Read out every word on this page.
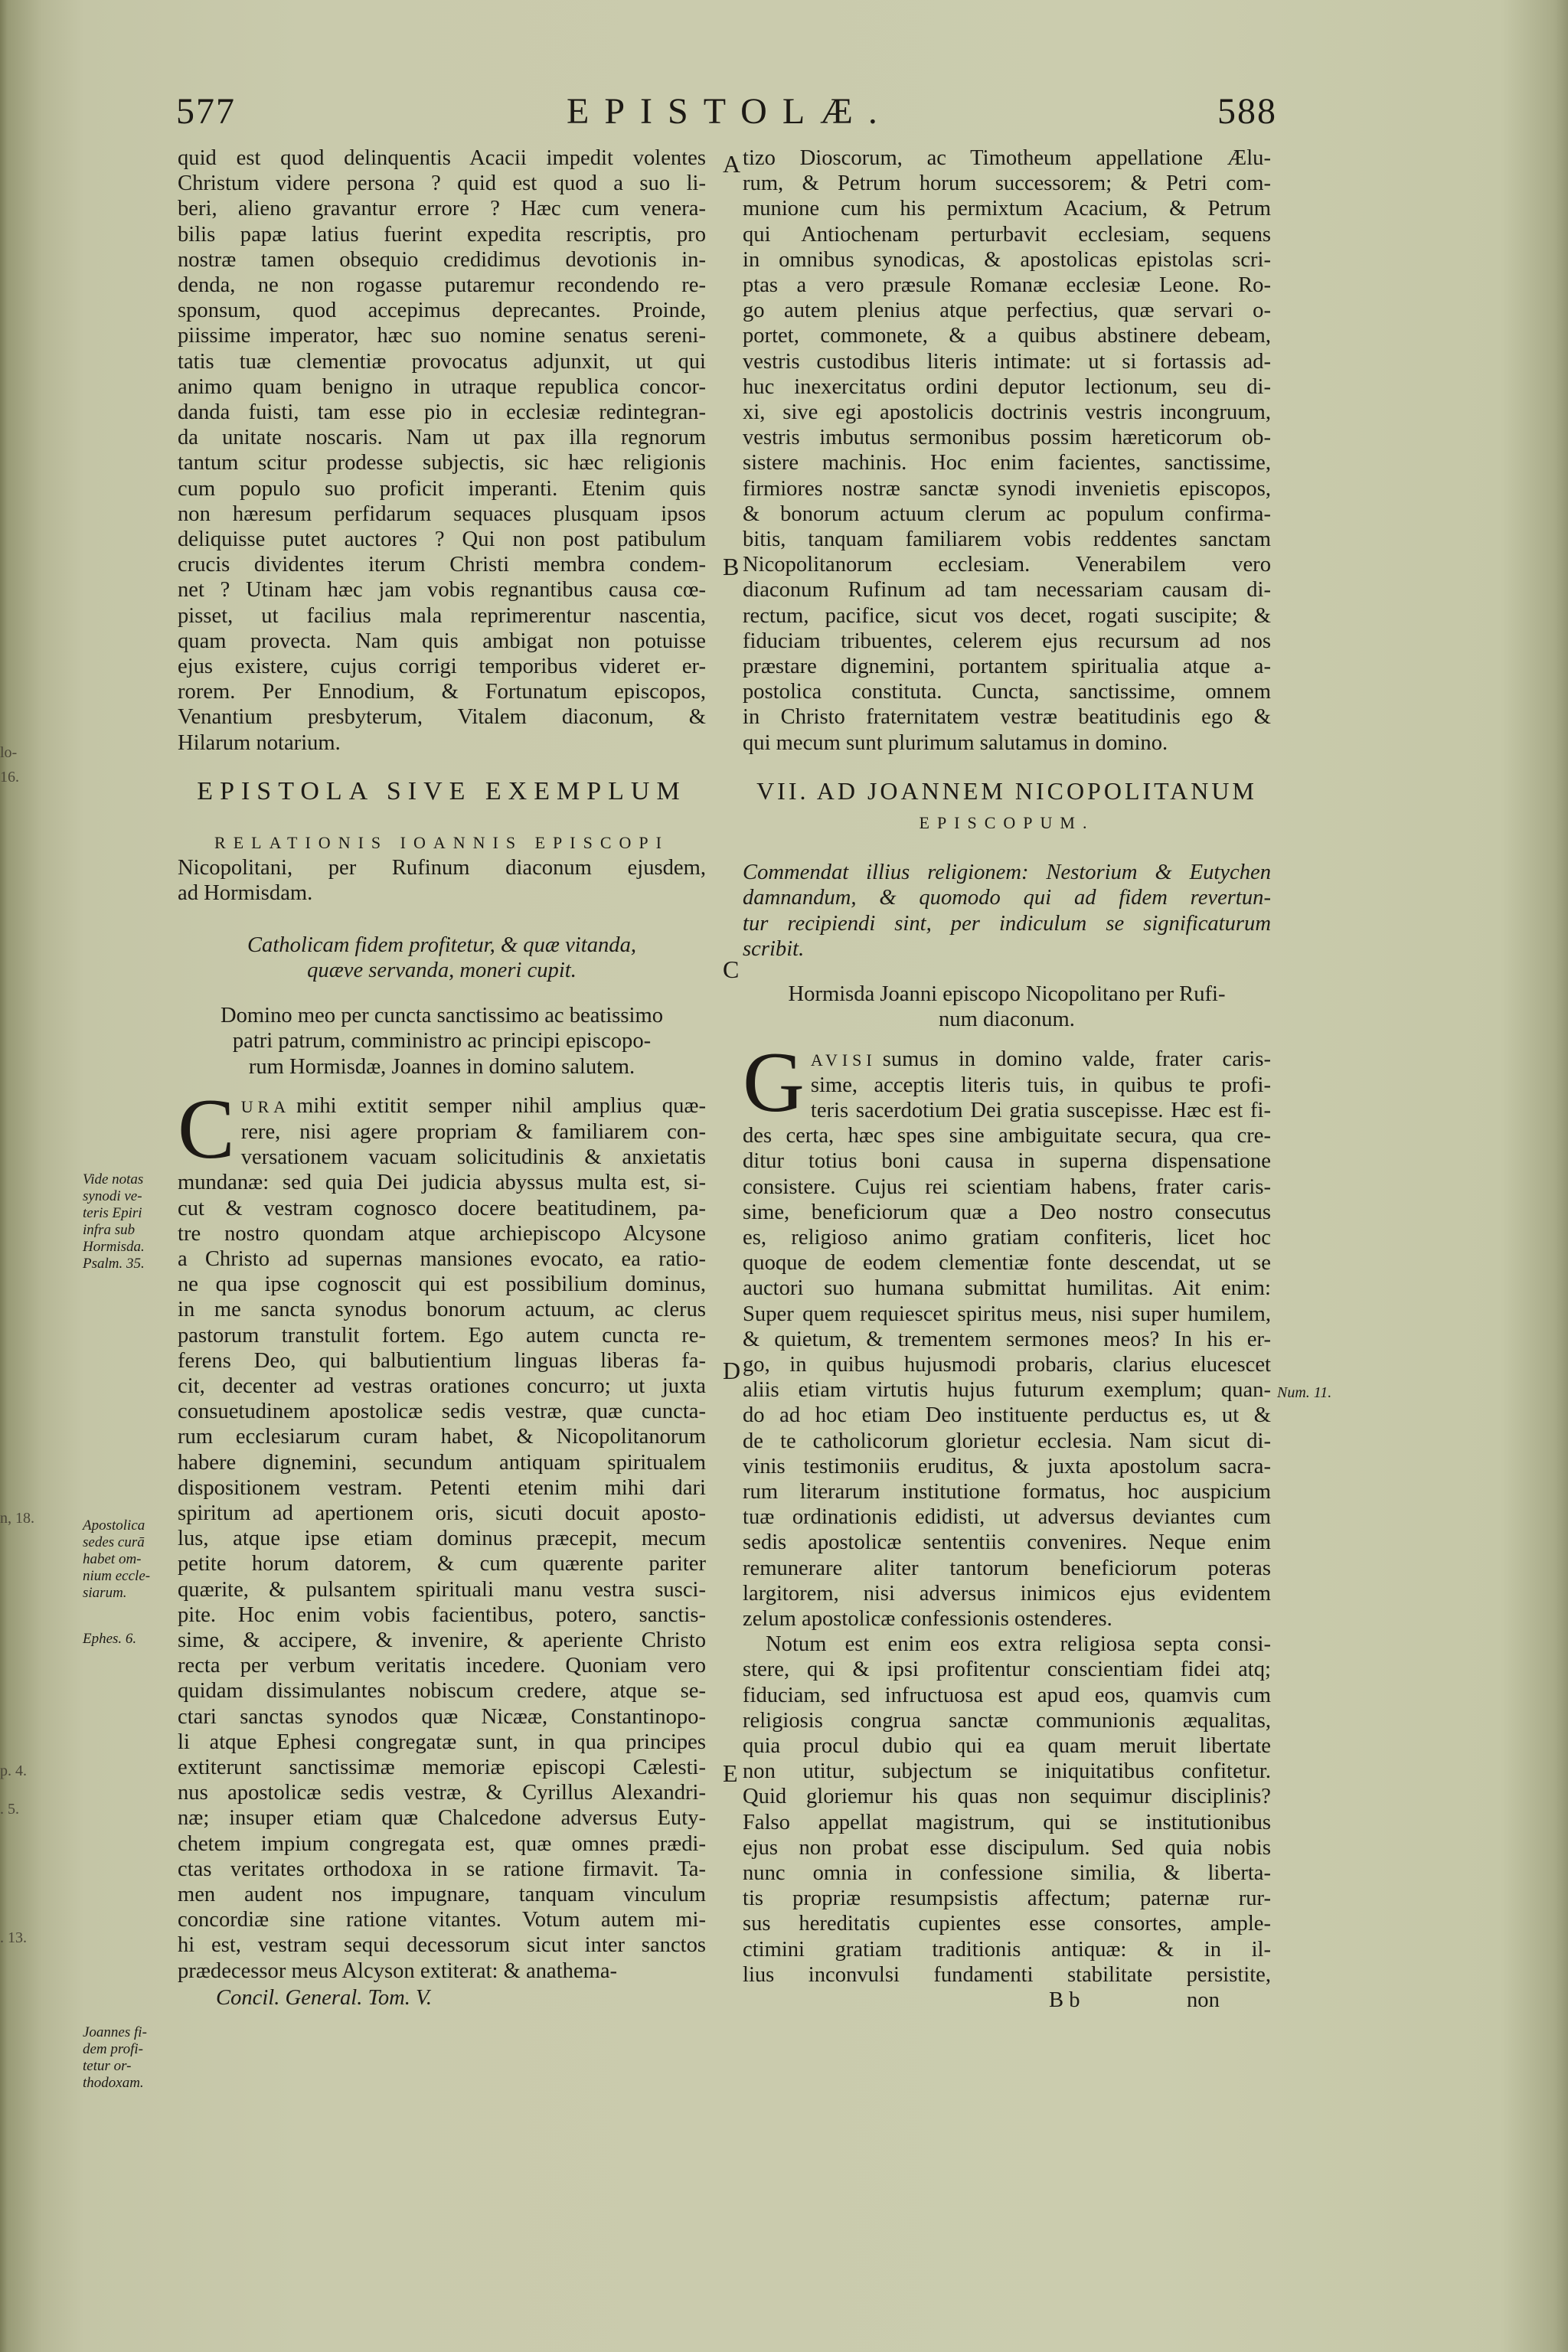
lo-
16.
n, 18.
p. 4.
. 5.
. 13.
577	EPISTOLÆ.	588
A
B
C
D
E
Vide notas
synodi ve-
teris Epiri
infra sub
Hormisda.
Psalm. 35.
Apostolica
sedes curā
habet om-
nium eccle-
siarum.
Ephes. 6.
Joannes fi-
dem profi-
tetur or-
thodoxam.
Num. 11.
quid est quod delinquentis Acacii impedit volentes
Christum videre persona ? quid est quod a suo li-
beri, alieno gravantur errore ? Hæc cum venera-
bilis papæ latius fuerint expedita rescriptis, pro
nostræ tamen obsequio credidimus devotionis in-
denda, ne non rogasse putaremur recondendo re-
sponsum, quod accepimus deprecantes. Proinde,
piissime imperator, hæc suo nomine senatus sereni-
tatis tuæ clementiæ provocatus adjunxit, ut qui
animo quam benigno in utraque republica concor-
danda fuisti, tam esse pio in ecclesiæ redintegran-
da unitate noscaris. Nam ut pax illa regnorum
tantum scitur prodesse subjectis, sic hæc religionis
cum populo suo proficit imperanti. Etenim quis
non hæresum perfidarum sequaces plusquam ipsos
deliquisse putet auctores ? Qui non post patibulum
crucis dividentes iterum Christi membra condem-
net ? Utinam hæc jam vobis regnantibus causa cœ-
pisset, ut facilius mala reprimerentur nascentia,
quam provecta. Nam quis ambigat non potuisse
ejus existere, cujus corrigi temporibus videret er-
rorem. Per Ennodium, & Fortunatum episcopos,
Venantium presbyterum, Vitalem diaconum, &
Hilarum notarium.
EPISTOLA SIVE EXEMPLUM
RELATIONIS IOANNIS EPISCOPI
Nicopolitani, per Rufinum diaconum ejusdem,
ad Hormisdam.
Catholicam fidem profitetur, & quæ vitanda,
quæve servanda, moneri cupit.
Domino meo per cuncta sanctissimo ac beatissimo
patri patrum, comministro ac principi episcopo-
rum Hormisdæ, Joannes in domino salutem.
C URA mihi extitit semper nihil amplius quæ-
rere, nisi agere propriam & familiarem con-
versationem vacuam solicitudinis & anxietatis
mundanæ: sed quia Dei judicia abyssus multa est, si-
cut & vestram cognosco docere beatitudinem, pa-
tre nostro quondam atque archiepiscopo Alcysone
a Christo ad supernas mansiones evocato, ea ratio-
ne qua ipse cognoscit qui est possibilium dominus,
in me sancta synodus bonorum actuum, ac clerus
pastorum transtulit fortem. Ego autem cuncta re-
ferens Deo, qui balbutientium linguas liberas fa-
cit, decenter ad vestras orationes concurro; ut juxta
consuetudinem apostolicæ sedis vestræ, quæ cuncta-
rum ecclesiarum curam habet, & Nicopolitanorum
habere dignemini, secundum antiquam spiritualem
dispositionem vestram. Petenti etenim mihi dari
spiritum ad apertionem oris, sicuti docuit aposto-
lus, atque ipse etiam dominus præcepit, mecum
petite horum datorem, & cum quærente pariter
quærite, & pulsantem spirituali manu vestra susci-
pite. Hoc enim vobis facientibus, potero, sanctis-
sime, & accipere, & invenire, & aperiente Christo
recta per verbum veritatis incedere. Quoniam vero
quidam dissimulantes nobiscum credere, atque se-
ctari sanctas synodos quæ Nicææ, Constantinopo-
li atque Ephesi congregatæ sunt, in qua principes
extiterunt sanctissimæ memoriæ episcopi Cælesti-
nus apostolicæ sedis vestræ, & Cyrillus Alexandri-
næ; insuper etiam quæ Chalcedone adversus Euty-
chetem impium congregata est, quæ omnes prædi-
ctas veritates orthodoxa in se ratione firmavit. Ta-
men audent nos impugnare, tanquam vinculum
concordiæ sine ratione vitantes. Votum autem mi-
hi est, vestram sequi decessorum sicut inter sanctos
prædecessor meus Alcyson extiterat: & anathema-
Concil. General. Tom. V.
tizo Dioscorum, ac Timotheum appellatione Ælu-
rum, & Petrum horum successorem; & Petri com-
munione cum his permixtum Acacium, & Petrum
qui Antiochenam perturbavit ecclesiam, sequens
in omnibus synodicas, & apostolicas epistolas scri-
ptas a vero præsule Romanæ ecclesiæ Leone. Ro-
go autem plenius atque perfectius, quæ servari o-
portet, commonete, & a quibus abstinere debeam,
vestris custodibus literis intimate: ut si fortassis ad-
huc inexercitatus ordini deputor lectionum, seu di-
xi, sive egi apostolicis doctrinis vestris incongruum,
vestris imbutus sermonibus possim hæreticorum ob-
sistere machinis. Hoc enim facientes, sanctissime,
firmiores nostræ sanctæ synodi invenietis episcopos,
& bonorum actuum clerum ac populum confirma-
bitis, tanquam familiarem vobis reddentes sanctam
Nicopolitanorum ecclesiam. Venerabilem vero
diaconum Rufinum ad tam necessariam causam di-
rectum, pacifice, sicut vos decet, rogati suscipite; &
fiduciam tribuentes, celerem ejus recursum ad nos
præstare dignemini, portantem spiritualia atque a-
postolica constituta. Cuncta, sanctissime, omnem
in Christo fraternitatem vestræ beatitudinis ego &
qui mecum sunt plurimum salutamus in domino.
VII. AD JOANNEM NICOPOLITANUM
EPISCOPUM.
Commendat illius religionem: Nestorium & Eutychen
damnandum, & quomodo qui ad fidem revertun-
tur recipiendi sint, per indiculum se significaturum
scribit.
Hormisda Joanni episcopo Nicopolitano per Rufi-
num diaconum.
G AVISI sumus in domino valde, frater caris-
sime, acceptis literis tuis, in quibus te profi-
teris sacerdotium Dei gratia suscepisse. Hæc est fi-
des certa, hæc spes sine ambiguitate secura, qua cre-
ditur totius boni causa in superna dispensatione
consistere. Cujus rei scientiam habens, frater caris-
sime, beneficiorum quæ a Deo nostro consecutus
es, religioso animo gratiam confiteris, licet hoc
quoque de eodem clementiæ fonte descendat, ut se
auctori suo humana submittat humilitas. Ait enim:
Super quem requiescet spiritus meus, nisi super humilem,
& quietum, & trementem sermones meos? In his er-
go, in quibus hujusmodi probaris, clarius elucescet
aliis etiam virtutis hujus futurum exemplum; quan-
do ad hoc etiam Deo instituente perductus es, ut &
de te catholicorum glorietur ecclesia. Nam sicut di-
vinis testimoniis eruditus, & juxta apostolum sacra-
rum literarum institutione formatus, hoc auspicium
tuæ ordinationis edidisti, ut adversus deviantes cum
sedis apostolicæ sententiis convenires. Neque enim
remunerare aliter tantorum beneficiorum poteras
largitorem, nisi adversus inimicos ejus evidentem
zelum apostolicæ confessionis ostenderes.
Notum est enim eos extra religiosa septa consi-
stere, qui & ipsi profitentur conscientiam fidei atq;
fiduciam, sed infructuosa est apud eos, quamvis cum
religiosis congrua sanctæ communionis æqualitas,
quia procul dubio qui ea quam meruit libertate
non utitur, subjectum se iniquitatibus confitetur.
Quid gloriemur his quas non sequimur disciplinis?
Falso appellat magistrum, qui se institutionibus
ejus non probat esse discipulum. Sed quia nobis
nunc omnia in confessione similia, & liberta-
tis propriæ resumpsistis affectum; paternæ rur-
sus hereditatis cupientes esse consortes, ample-
ctimini gratiam traditionis antiquæ: & in il-
lius inconvulsi fundamenti stabilitate persistite,
B b	non
